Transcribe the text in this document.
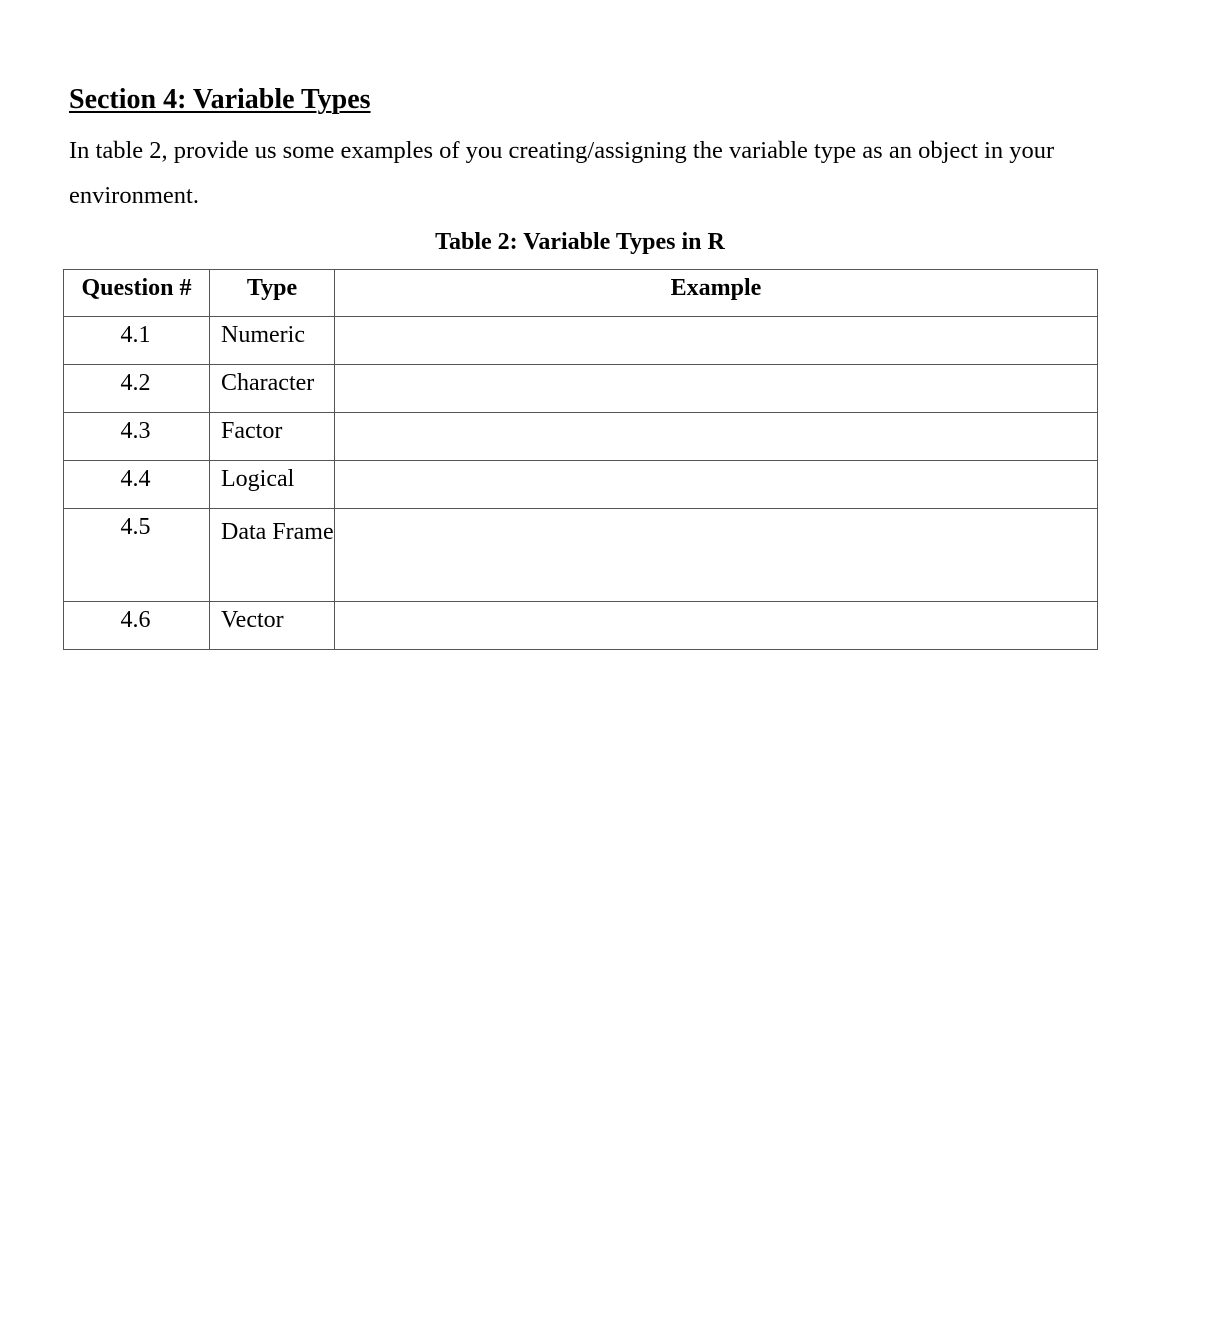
Section 4: Variable Types

In table 2, provide us some examples of you creating/assigning the variable type as an object in your environment.

Table 2: Variable Types in R
Question #	Type	Example
4.1	Numeric	
4.2	Character	
4.3	Factor	
4.4	Logical	
4.5	Data Frame	
4.6	Vector	
